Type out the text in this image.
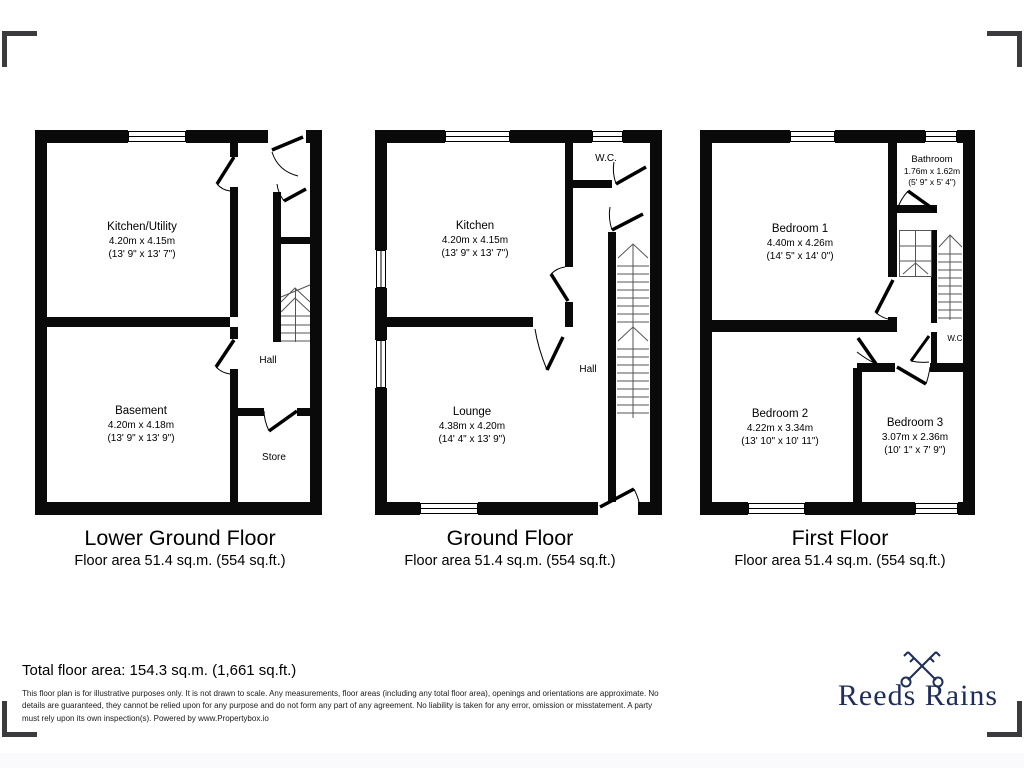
Kitchen/Utility
4.20m x 4.15m
(13' 9" x 13' 7")
Basement
4.20m x 4.18m
(13' 9" x 13' 9")
Hall
Store
Kitchen
4.20m x 4.15m
(13' 9" x 13' 7")
Lounge
4.38m x 4.20m
(14' 4" x 13' 9")
W.C.
Hall
Bathroom
1.76m x 1.62m
(5' 9" x 5' 4")
Bedroom 1
4.40m x 4.26m
(14' 5" x 14' 0")
Bedroom 2
4.22m x 3.34m
(13' 10" x 10' 11")
Bedroom 3
3.07m x 2.36m
(10' 1" x 7' 9")
W.C.
Lower Ground Floor
Floor area 51.4 sq.m. (554 sq.ft.)
Ground Floor
Floor area 51.4 sq.m. (554 sq.ft.)
First Floor
Floor area 51.4 sq.m. (554 sq.ft.)
Total floor area: 154.3 sq.m. (1,661 sq.ft.)
This floor plan is for illustrative purposes only. It is not drawn to scale. Any measurements, floor areas (including any total floor area), openings and orientations are approximate. No
details are guaranteed, they cannot be relied upon for any purpose and do not form any part of any agreement. No liability is taken for any error, omission or misstatement. A party
must rely upon its own inspection(s). Powered by www.Propertybox.io
Reeds Rains
